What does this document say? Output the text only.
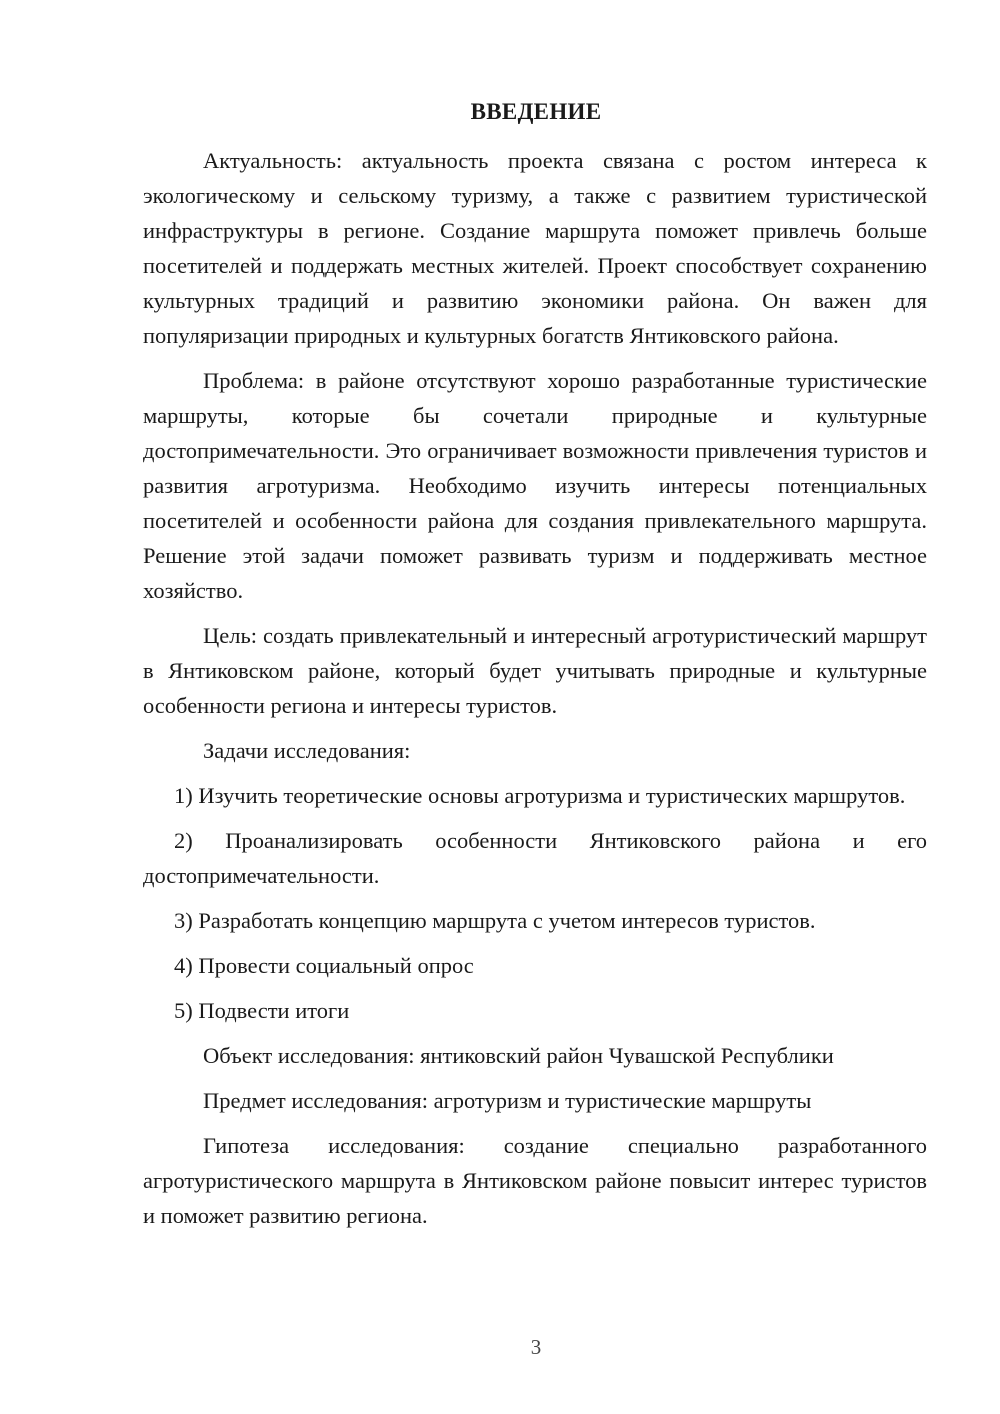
ВВЕДЕНИЕ

Актуальность: актуальность проекта связана с ростом интереса к экологическому и сельскому туризму, а также с развитием туристической инфраструктуры в регионе. Создание маршрута поможет привлечь больше посетителей и поддержать местных жителей. Проект способствует сохранению культурных традиций и развитию экономики района. Он важен для популяризации природных и культурных богатств Янтиковского района.

Проблема: в районе отсутствуют хорошо разработанные туристические маршруты, которые бы сочетали природные и культурные достопримечательности. Это ограничивает возможности привлечения туристов и развития агротуризма. Необходимо изучить интересы потенциальных посетителей и особенности района для создания привлекательного маршрута. Решение этой задачи поможет развивать туризм и поддерживать местное хозяйство.

Цель: создать привлекательный и интересный агротуристический маршрут в Янтиковском районе, который будет учитывать природные и культурные особенности региона и интересы туристов.

Задачи исследования:

1) Изучить теоретические основы агротуризма и туристических маршрутов.

2) Проанализировать особенности Янтиковского района и его достопримечательности.

3) Разработать концепцию маршрута с учетом интересов туристов.

4) Провести социальный опрос

5) Подвести итоги

Объект исследования: янтиковский район Чувашской Республики

Предмет исследования: агротуризм и туристические маршруты

Гипотеза исследования: создание специально разработанного агротуристического маршрута в Янтиковском районе повысит интерес туристов и поможет развитию региона.

3
